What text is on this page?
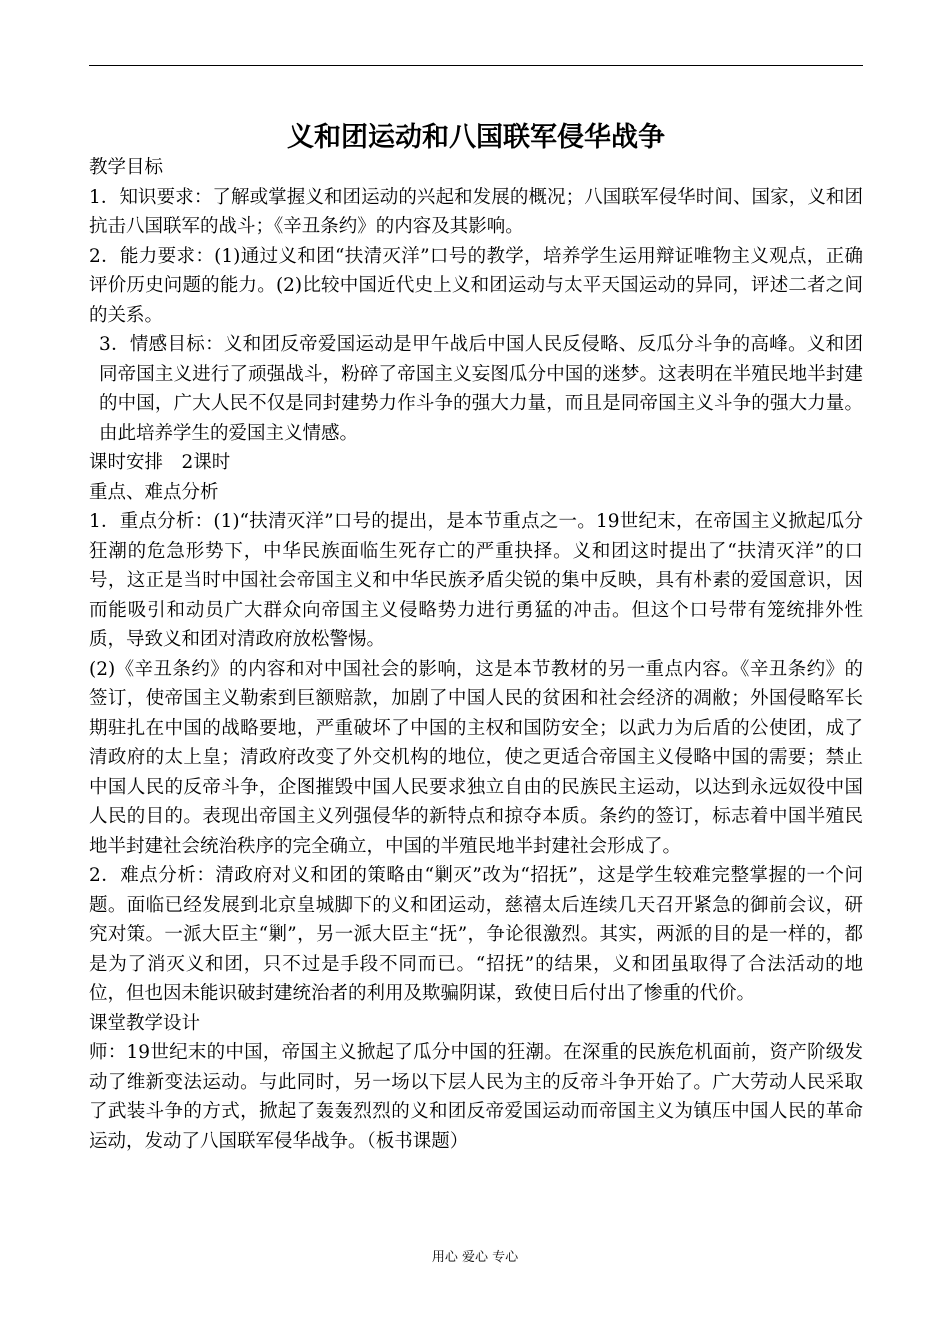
义和团运动和八国联军侵华战争

教学目标

1．知识要求：了解或掌握义和团运动的兴起和发展的概况；八国联军侵华时间、国家，义和团抗击八国联军的战斗；《辛丑条约》的内容及其影响。

2．能力要求：(1)通过义和团“扶清灭洋”口号的教学，培养学生运用辩证唯物主义观点，正确评价历史问题的能力。(2)比较中国近代史上义和团运动与太平天国运动的异同，评述二者之间的关系。

3．情感目标：义和团反帝爱国运动是甲午战后中国人民反侵略、反瓜分斗争的高峰。义和团同帝国主义进行了顽强战斗，粉碎了帝国主义妄图瓜分中国的迷梦。这表明在半殖民地半封建的中国，广大人民不仅是同封建势力作斗争的强大力量，而且是同帝国主义斗争的强大力量。由此培养学生的爱国主义情感。

课时安排　2课时

重点、难点分析

1．重点分析：(1)“扶清灭洋”口号的提出，是本节重点之一。19世纪末，在帝国主义掀起瓜分狂潮的危急形势下，中华民族面临生死存亡的严重抉择。义和团这时提出了“扶清灭洋”的口号，这正是当时中国社会帝国主义和中华民族矛盾尖锐的集中反映，具有朴素的爱国意识，因而能吸引和动员广大群众向帝国主义侵略势力进行勇猛的冲击。但这个口号带有笼统排外性质，导致义和团对清政府放松警惕。

(2)《辛丑条约》的内容和对中国社会的影响，这是本节教材的另一重点内容。《辛丑条约》的签订，使帝国主义勒索到巨额赔款，加剧了中国人民的贫困和社会经济的凋敝；外国侵略军长期驻扎在中国的战略要地，严重破坏了中国的主权和国防安全；以武力为后盾的公使团，成了清政府的太上皇；清政府改变了外交机构的地位，使之更适合帝国主义侵略中国的需要；禁止中国人民的反帝斗争，企图摧毁中国人民要求独立自由的民族民主运动，以达到永远奴役中国人民的目的。表现出帝国主义列强侵华的新特点和掠夺本质。条约的签订，标志着中国半殖民地半封建社会统治秩序的完全确立，中国的半殖民地半封建社会形成了。

2．难点分析：清政府对义和团的策略由“剿灭”改为“招抚”，这是学生较难完整掌握的一个问题。面临已经发展到北京皇城脚下的义和团运动，慈禧太后连续几天召开紧急的御前会议，研究对策。一派大臣主“剿”，另一派大臣主“抚”，争论很激烈。其实，两派的目的是一样的，都是为了消灭义和团，只不过是手段不同而已。“招抚”的结果，义和团虽取得了合法活动的地位，但也因未能识破封建统治者的利用及欺骗阴谋，致使日后付出了惨重的代价。

课堂教学设计

师：19世纪末的中国，帝国主义掀起了瓜分中国的狂潮。在深重的民族危机面前，资产阶级发动了维新变法运动。与此同时，另一场以下层人民为主的反帝斗争开始了。广大劳动人民采取了武装斗争的方式，掀起了轰轰烈烈的义和团反帝爱国运动而帝国主义为镇压中国人民的革命运动，发动了八国联军侵华战争。（板书课题）

用心 爱心 专心
